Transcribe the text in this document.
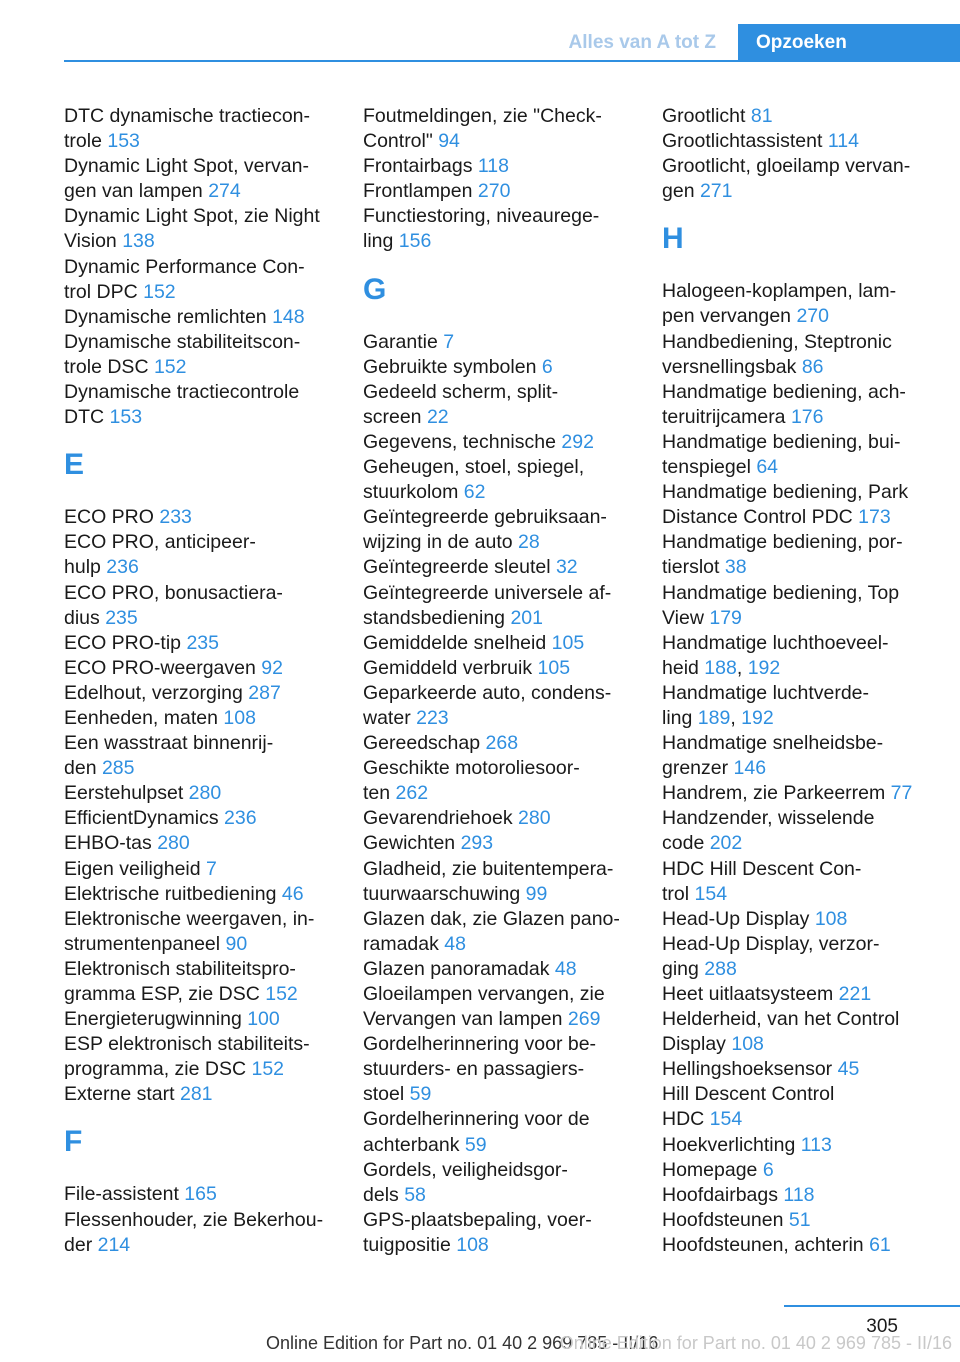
Alles van A tot Z	Opzoeken
DTC dynamische tractiecon-
trole 153
Dynamic Light Spot, vervan-
gen van lampen 274
Dynamic Light Spot, zie Night
Vision 138
Dynamic Performance Con-
trol DPC 152
Dynamische remlichten 148
Dynamische stabiliteitscon-
trole DSC 152
Dynamische tractiecontrole
DTC 153
E
ECO PRO 233
ECO PRO, anticipeer-
hulp 236
ECO PRO, bonusactiera-
dius 235
ECO PRO-tip 235
ECO PRO-weergaven 92
Edelhout, verzorging 287
Eenheden, maten 108
Een wasstraat binnenrij-
den 285
Eerstehulpset 280
EfficientDynamics 236
EHBO-tas 280
Eigen veiligheid 7
Elektrische ruitbediening 46
Elektronische weergaven, in-
strumentenpaneel 90
Elektronisch stabiliteitspro-
gramma ESP, zie DSC 152
Energieterugwinning 100
ESP elektronisch stabiliteits-
programma, zie DSC 152
Externe start 281
F
File-assistent 165
Flessenhouder, zie Bekerhou-
der 214
Foutmeldingen, zie "Check-
Control" 94
Frontairbags 118
Frontlampen 270
Functiestoring, niveaurege-
ling 156
G
Garantie 7
Gebruikte symbolen 6
Gedeeld scherm, split-
screen 22
Gegevens, technische 292
Geheugen, stoel, spiegel,
stuurkolom 62
Geïntegreerde gebruiksaan-
wijzing in de auto 28
Geïntegreerde sleutel 32
Geïntegreerde universele af-
standsbediening 201
Gemiddelde snelheid 105
Gemiddeld verbruik 105
Geparkeerde auto, condens-
water 223
Gereedschap 268
Geschikte motoroliesoor-
ten 262
Gevarendriehoek 280
Gewichten 293
Gladheid, zie buitentempera-
tuurwaarschuwing 99
Glazen dak, zie Glazen pano-
ramadak 48
Glazen panoramadak 48
Gloeilampen vervangen, zie
Vervangen van lampen 269
Gordelherinnering voor be-
stuurders- en passagiers-
stoel 59
Gordelherinnering voor de
achterbank 59
Gordels, veiligheidsgor-
dels 58
GPS-plaatsbepaling, voer-
tuigpositie 108
Grootlicht 81
Grootlichtassistent 114
Grootlicht, gloeilamp vervan-
gen 271
H
Halogeen-koplampen, lam-
pen vervangen 270
Handbediening, Steptronic
versnellingsbak 86
Handmatige bediening, ach-
teruitrijcamera 176
Handmatige bediening, bui-
tenspiegel 64
Handmatige bediening, Park
Distance Control PDC 173
Handmatige bediening, por-
tierslot 38
Handmatige bediening, Top
View 179
Handmatige luchthoeveel-
heid 188, 192
Handmatige luchtverde-
ling 189, 192
Handmatige snelheidsbe-
grenzer 146
Handrem, zie Parkeerrem 77
Handzender, wisselende
code 202
HDC Hill Descent Con-
trol 154
Head-Up Display 108
Head-Up Display, verzor-
ging 288
Heet uitlaatsysteem 221
Helderheid, van het Control
Display 108
Hellingshoeksensor 45
Hill Descent Control
HDC 154
Hoekverlichting 113
Homepage 6
Hoofdairbags 118
Hoofdsteunen 51
Hoofdsteunen, achterin 61
305
Online Edition for Part no. 01 40 2 969 785 - II/16
Online Edition for Part no. 01 40 2 969 785 - II/16
